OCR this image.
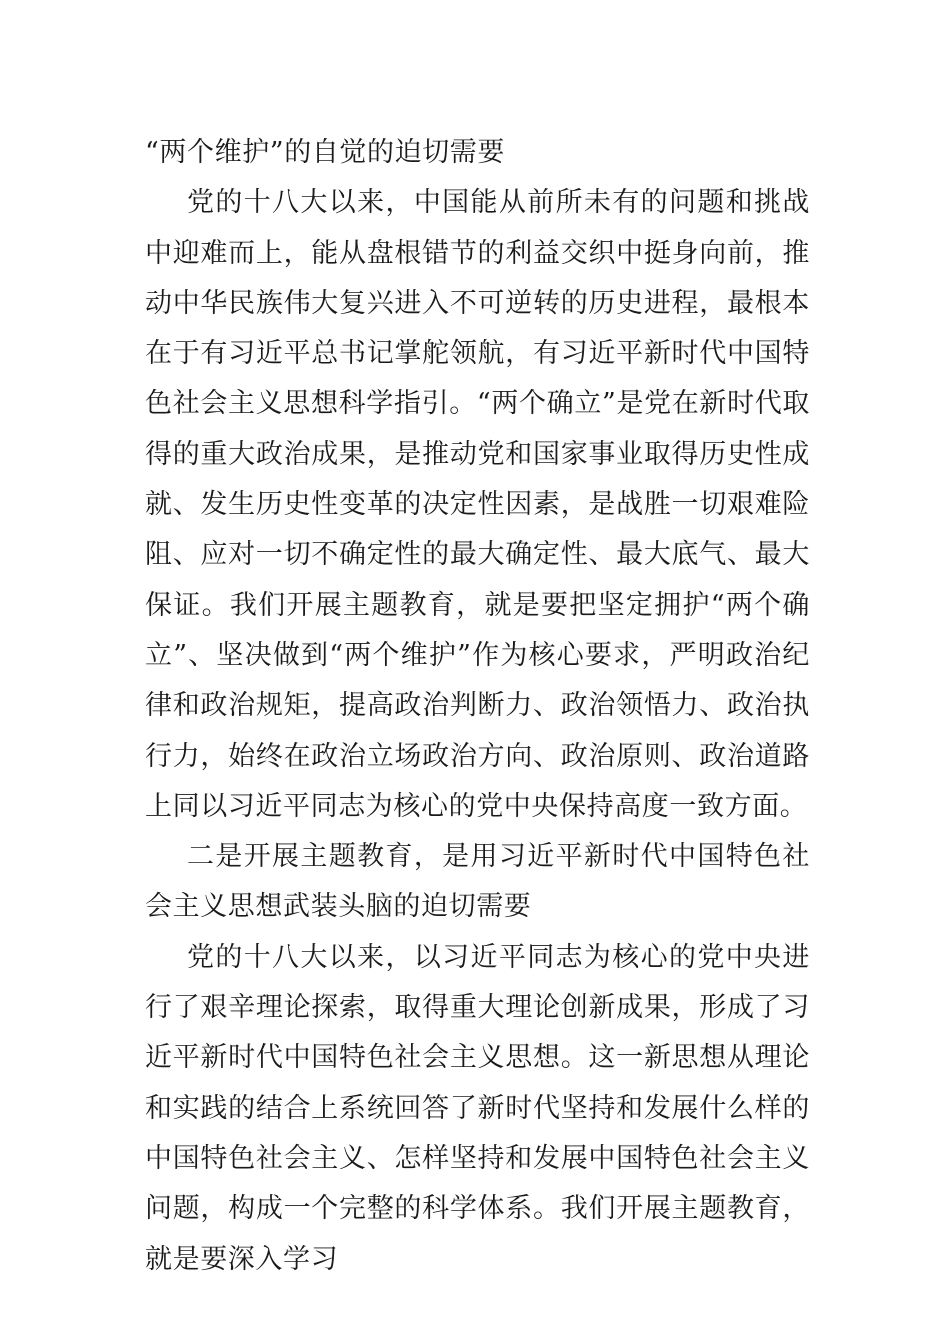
“两个维护”的自觉的迫切需要

党的十八大以来，中国能从前所未有的问题和挑战中迎难而上，能从盘根错节的利益交织中挺身向前，推动中华民族伟大复兴进入不可逆转的历史进程，最根本在于有习近平总书记掌舵领航，有习近平新时代中国特色社会主义思想科学指引。“两个确立”是党在新时代取得的重大政治成果，是推动党和国家事业取得历史性成就、发生历史性变革的决定性因素，是战胜一切艰难险阻、应对一切不确定性的最大确定性、最大底气、最大保证。我们开展主题教育，就是要把坚定拥护“两个确立”、坚决做到“两个维护”作为核心要求，严明政治纪律和政治规矩，提高政治判断力、政治领悟力、政治执行力，始终在政治立场政治方向、政治原则、政治道路上同以习近平同志为核心的党中央保持高度一致方面。

二是开展主题教育，是用习近平新时代中国特色社会主义思想武装头脑的迫切需要

党的十八大以来，以习近平同志为核心的党中央进行了艰辛理论探索，取得重大理论创新成果，形成了习近平新时代中国特色社会主义思想。这一新思想从理论和实践的结合上系统回答了新时代坚持和发展什么样的中国特色社会主义、怎样坚持和发展中国特色社会主义问题，构成一个完整的科学体系。我们开展主题教育，就是要深入学习
